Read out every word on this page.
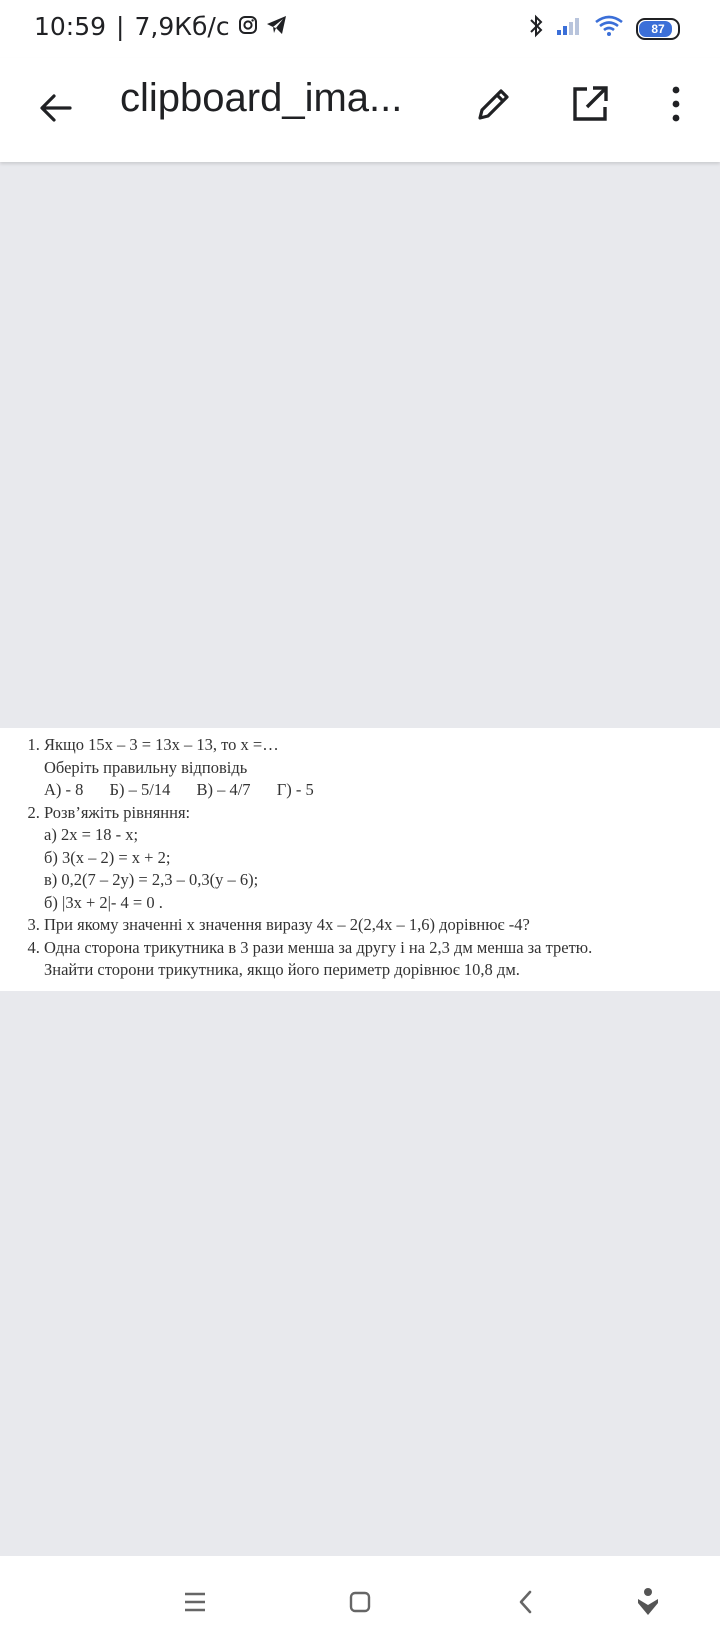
10:59 | 7,9Кб/с	87
clipboard_ima...
1. Якщо 15х – 3 = 13х – 13, то х =…
Оберіть правильну відповідь
А) - 8 Б) – 5/14 В) – 4/7 Г) - 5
2. Розв’яжіть рівняння:
а) 2х = 18 - х;
б) 3(х – 2) = х + 2;
в) 0,2(7 – 2у) = 2,3 – 0,3(у – 6);
б) |3х + 2|- 4 = 0 .
3. При якому значенні х значення виразу 4х – 2(2,4х – 1,6) дорівнює -4?
4. Одна сторона трикутника в 3 рази менша за другу і на 2,3 дм менша за третю.
Знайти сторони трикутника, якщо його периметр дорівнює 10,8 дм.
